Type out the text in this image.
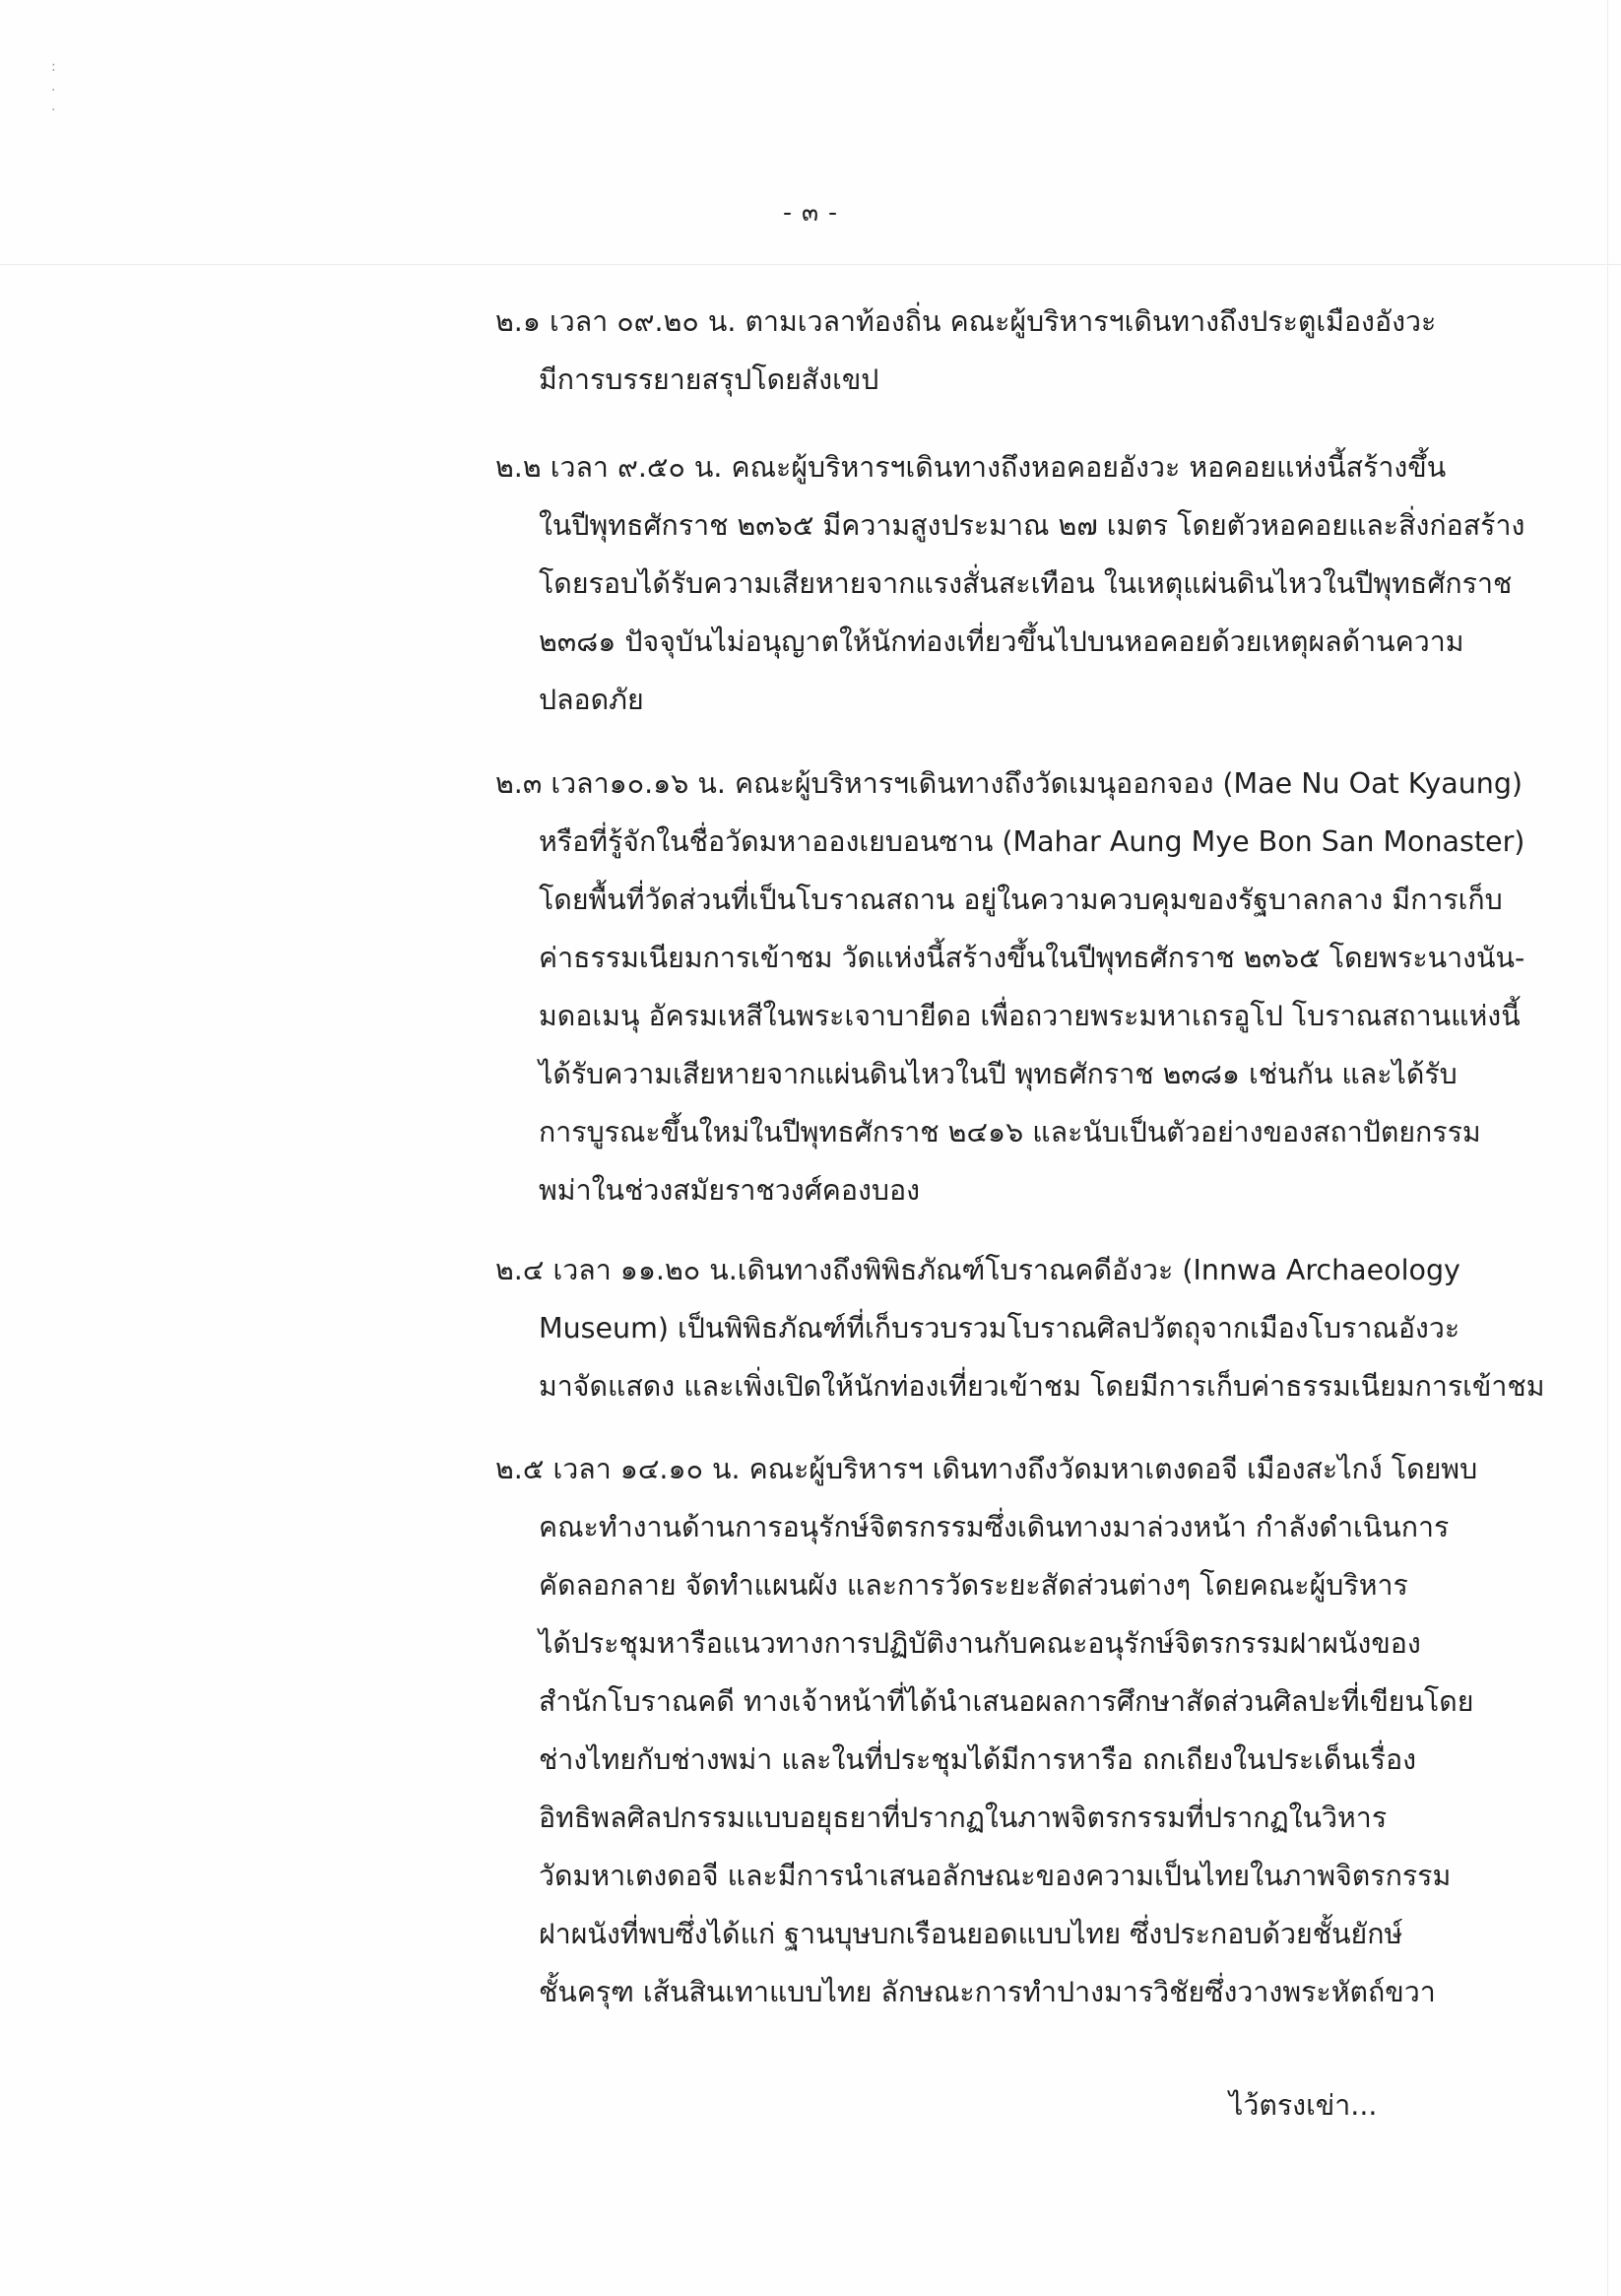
: . .
- ๓ -
๒.๑ เวลา ๐๙.๒๐ น. ตามเวลาท้องถิ่น คณะผู้บริหารฯเดินทางถึงประตูเมืองอังวะ
มีการบรรยายสรุปโดยสังเขป
๒.๒ เวลา ๙.๕๐ น. คณะผู้บริหารฯเดินทางถึงหอคอยอังวะ หอคอยแห่งนี้สร้างขึ้น
ในปีพุทธศักราช ๒๓๖๕ มีความสูงประมาณ ๒๗ เมตร โดยตัวหอคอยและสิ่งก่อสร้าง
โดยรอบได้รับความเสียหายจากแรงสั่นสะเทือน ในเหตุแผ่นดินไหวในปีพุทธศักราช
๒๓๘๑ ปัจจุบันไม่อนุญาตให้นักท่องเที่ยวขึ้นไปบนหอคอยด้วยเหตุผลด้านความ
ปลอดภัย
๒.๓ เวลา๑๐.๑๖ น. คณะผู้บริหารฯเดินทางถึงวัดเมนุออกจอง (Mae Nu Oat Kyaung)
หรือที่รู้จักในชื่อวัดมหาอองเยบอนซาน (Mahar Aung Mye Bon San Monaster)
โดยพื้นที่วัดส่วนที่เป็นโบราณสถาน อยู่ในความควบคุมของรัฐบาลกลาง มีการเก็บ
ค่าธรรมเนียมการเข้าชม วัดแห่งนี้สร้างขึ้นในปีพุทธศักราช ๒๓๖๕ โดยพระนางนัน-
มดอเมนุ อัครมเหสีในพระเจาบายีดอ เพื่อถวายพระมหาเถรอูโป โบราณสถานแห่งนี้
ได้รับความเสียหายจากแผ่นดินไหวในปี พุทธศักราช ๒๓๘๑ เช่นกัน และได้รับ
การบูรณะขึ้นใหม่ในปีพุทธศักราช ๒๔๑๖ และนับเป็นตัวอย่างของสถาปัตยกรรม
พม่าในช่วงสมัยราชวงศ์คองบอง
๒.๔ เวลา ๑๑.๒๐ น.เดินทางถึงพิพิธภัณฑ์โบราณคดีอังวะ (Innwa Archaeology
Museum) เป็นพิพิธภัณฑ์ที่เก็บรวบรวมโบราณศิลปวัตถุจากเมืองโบราณอังวะ
มาจัดแสดง และเพิ่งเปิดให้นักท่องเที่ยวเข้าชม โดยมีการเก็บค่าธรรมเนียมการเข้าชม
๒.๕ เวลา ๑๔.๑๐ น. คณะผู้บริหารฯ เดินทางถึงวัดมหาเตงดอจี เมืองสะไกง์ โดยพบ
คณะทำงานด้านการอนุรักษ์จิตรกรรมซึ่งเดินทางมาล่วงหน้า กำลังดำเนินการ
คัดลอกลาย จัดทำแผนผัง และการวัดระยะสัดส่วนต่างๆ โดยคณะผู้บริหาร
ได้ประชุมหารือแนวทางการปฏิบัติงานกับคณะอนุรักษ์จิตรกรรมฝาผนังของ
สำนักโบราณคดี ทางเจ้าหน้าที่ได้นำเสนอผลการศึกษาสัดส่วนศิลปะที่เขียนโดย
ช่างไทยกับช่างพม่า และในที่ประชุมได้มีการหารือ ถกเถียงในประเด็นเรื่อง
อิทธิพลศิลปกรรมแบบอยุธยาที่ปรากฏในภาพจิตรกรรมที่ปรากฏในวิหาร
วัดมหาเตงดอจี และมีการนำเสนอลักษณะของความเป็นไทยในภาพจิตรกรรม
ฝาผนังที่พบซึ่งได้แก่ ฐานบุษบกเรือนยอดแบบไทย ซึ่งประกอบด้วยชั้นยักษ์
ชั้นครุฑ เส้นสินเทาแบบไทย ลักษณะการทำปางมารวิชัยซึ่งวางพระหัตถ์ขวา
ไว้ตรงเข่า...
